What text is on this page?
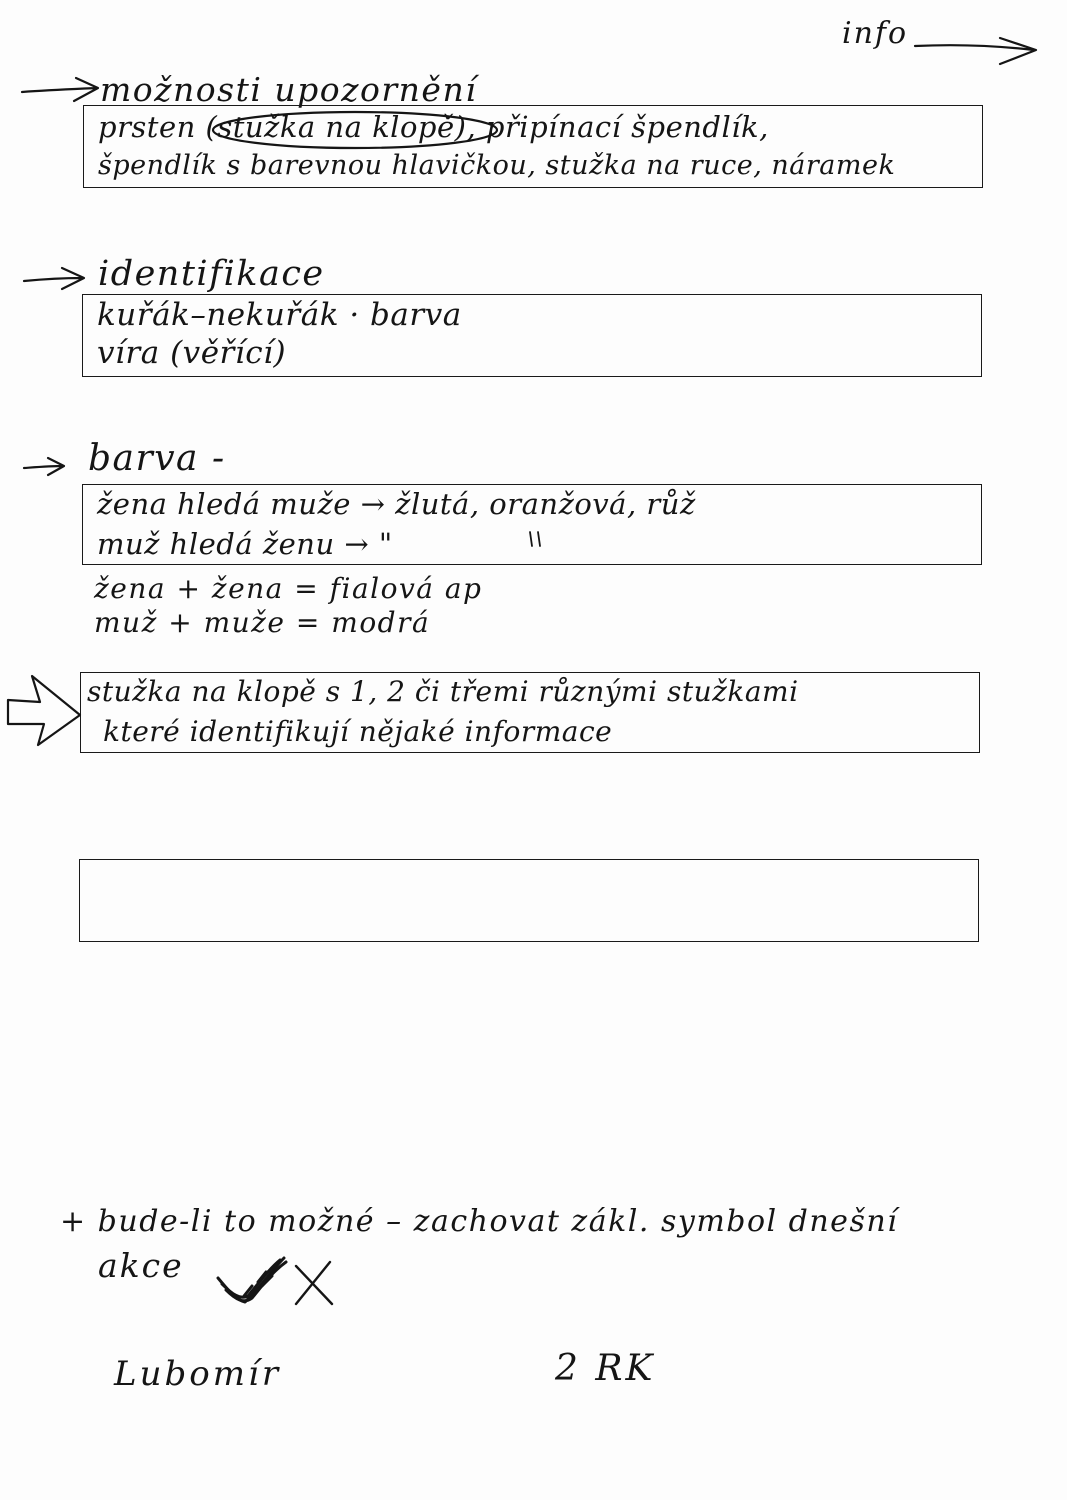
info
možnosti upozornění
prsten (stužka na klopě), připínací špendlík,
špendlík s barevnou hlavičkou, stužka na ruce, náramek
identifikace
kuřák–nekuřák · barva
víra (věřící)
barva -
žena hledá muže → žlutá, oranžová, růž
muž hledá ženu → "
žena + žena = fialová ap
muž + muže = modrá
stužka na klopě s 1, 2 či třemi různými stužkami
které identifikují nějaké informace
+ bude-li to možné – zachovat zákl. symbol dnešní
akce
Lubomír	2 RK
